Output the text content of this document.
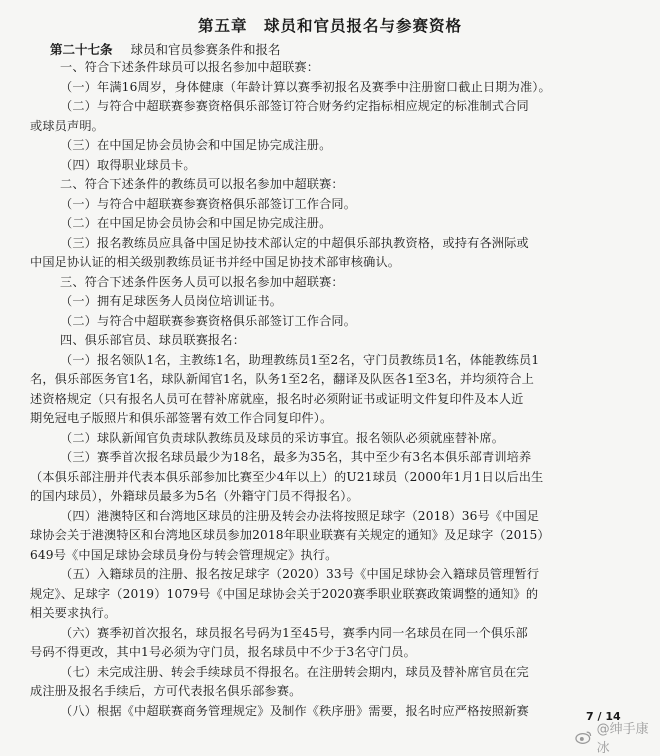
第五章　球员和官员报名与参赛资格
第二十七条 球员和官员参赛条件和报名
一、符合下述条件球员可以报名参加中超联赛：
（一）年满16周岁，身体健康（年龄计算以赛季初报名及赛季中注册窗口截止日期为准）。
（二）与符合中超联赛参赛资格俱乐部签订符合财务约定指标相应规定的标准制式合同
或球员声明。
（三）在中国足协会员协会和中国足协完成注册。
（四）取得职业球员卡。
二、符合下述条件的教练员可以报名参加中超联赛：
（一）与符合中超联赛参赛资格俱乐部签订工作合同。
（二）在中国足协会员协会和中国足协完成注册。
（三）报名教练员应具备中国足协技术部认定的中超俱乐部执教资格，或持有各洲际或
中国足协认证的相关级别教练员证书并经中国足协技术部审核确认。
三、符合下述条件医务人员可以报名参加中超联赛：
（一）拥有足球医务人员岗位培训证书。
（二）与符合中超联赛参赛资格俱乐部签订工作合同。
四、俱乐部官员、球员联赛报名：
（一）报名领队1名，主教练1名，助理教练员1至2名，守门员教练员1名，体能教练员1
名，俱乐部医务官1名，球队新闻官1名，队务1至2名，翻译及队医各1至3名，并均须符合上
述资格规定（只有报名人员可在替补席就座，报名时必须附证书或证明文件复印件及本人近
期免冠电子版照片和俱乐部签署有效工作合同复印件）。
（二）球队新闻官负责球队教练员及球员的采访事宜。报名领队必须就座替补席。
（三）赛季首次报名球员最少为18名，最多为35名，其中至少有3名本俱乐部青训培养
（本俱乐部注册并代表本俱乐部参加比赛至少4年以上）的U21球员（2000年1月1日以后出生
的国内球员），外籍球员最多为5名（外籍守门员不得报名）。
（四）港澳特区和台湾地区球员的注册及转会办法将按照足球字（2018）36号《中国足
球协会关于港澳特区和台湾地区球员参加2018年职业联赛有关规定的通知》及足球字（2015）
649号《中国足球协会球员身份与转会管理规定》执行。
（五）入籍球员的注册、报名按足球字（2020）33号《中国足球协会入籍球员管理暂行
规定》、足球字（2019）1079号《中国足球协会关于2020赛季职业联赛政策调整的通知》的
相关要求执行。
（六）赛季初首次报名，球员报名号码为1至45号，赛季内同一名球员在同一个俱乐部
号码不得更改，其中1号必须为守门员，报名球员中不少于3名守门员。
（七）未完成注册、转会手续球员不得报名。在注册转会期内，球员及替补席官员在完
成注册及报名手续后，方可代表报名俱乐部参赛。
（八）根据《中超联赛商务管理规定》及制作《秩序册》需要，报名时应严格按照新赛	7 / 14
@绅手康冰
